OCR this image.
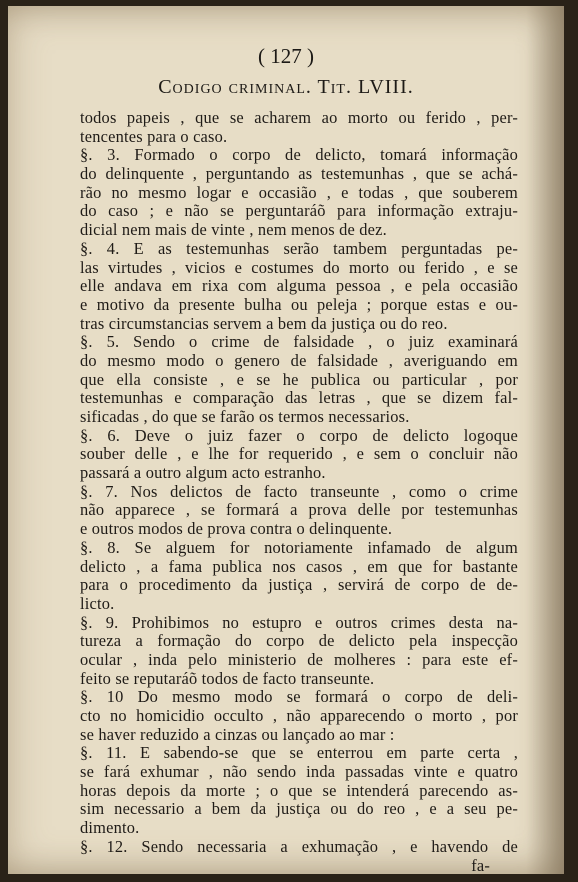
( 127 )
Codigo criminal. Tit. LVIII.
todos papeis , que se acharem ao morto ou ferido , per-
tencentes para o caso.
§. 3. Formado o corpo de delicto, tomará informação
do delinquente , perguntando as testemunhas , que se achá-
rão no mesmo logar e occasião , e todas , que souberem
do caso ; e não se perguntaráõ para informação extraju-
dicial nem mais de vinte , nem menos de dez.
§. 4. E as testemunhas serão tambem perguntadas pe-
las virtudes , vicios e costumes do morto ou ferido , e se
elle andava em rixa com alguma pessoa , e pela occasião
e motivo da presente bulha ou peleja ; porque estas e ou-
tras circumstancias servem a bem da justiça ou do reo.
§. 5. Sendo o crime de falsidade , o juiz examinará
do mesmo modo o genero de falsidade , averiguando em
que ella consiste , e se he publica ou particular , por
testemunhas e comparação das letras , que se dizem fal-
sificadas , do que se farão os termos necessarios.
§. 6. Deve o juiz fazer o corpo de delicto logoque
souber delle , e lhe for requerido , e sem o concluir não
passará a outro algum acto estranho.
§. 7. Nos delictos de facto transeunte , como o crime
não apparece , se formará a prova delle por testemunhas
e outros modos de prova contra o delinquente.
§. 8. Se alguem for notoriamente infamado de algum
delicto , a fama publica nos casos , em que for bastante
para o procedimento da justiça , servirá de corpo de de-
licto.
§. 9. Prohibimos no estupro e outros crimes desta na-
tureza a formação do corpo de delicto pela inspecção
ocular , inda pelo ministerio de molheres : para este ef-
feito se reputaráõ todos de facto transeunte.
§. 10 Do mesmo modo se formará o corpo de deli-
cto no homicidio occulto , não apparecendo o morto , por
se haver reduzido a cinzas ou lançado ao mar :
§. 11. E sabendo-se que se enterrou em parte certa ,
se fará exhumar , não sendo inda passadas vinte e quatro
horas depois da morte ; o que se intenderá parecendo as-
sim necessario a bem da justiça ou do reo , e a seu pe-
dimento.
§. 12. Sendo necessaria a exhumação , e havendo de
fa-
